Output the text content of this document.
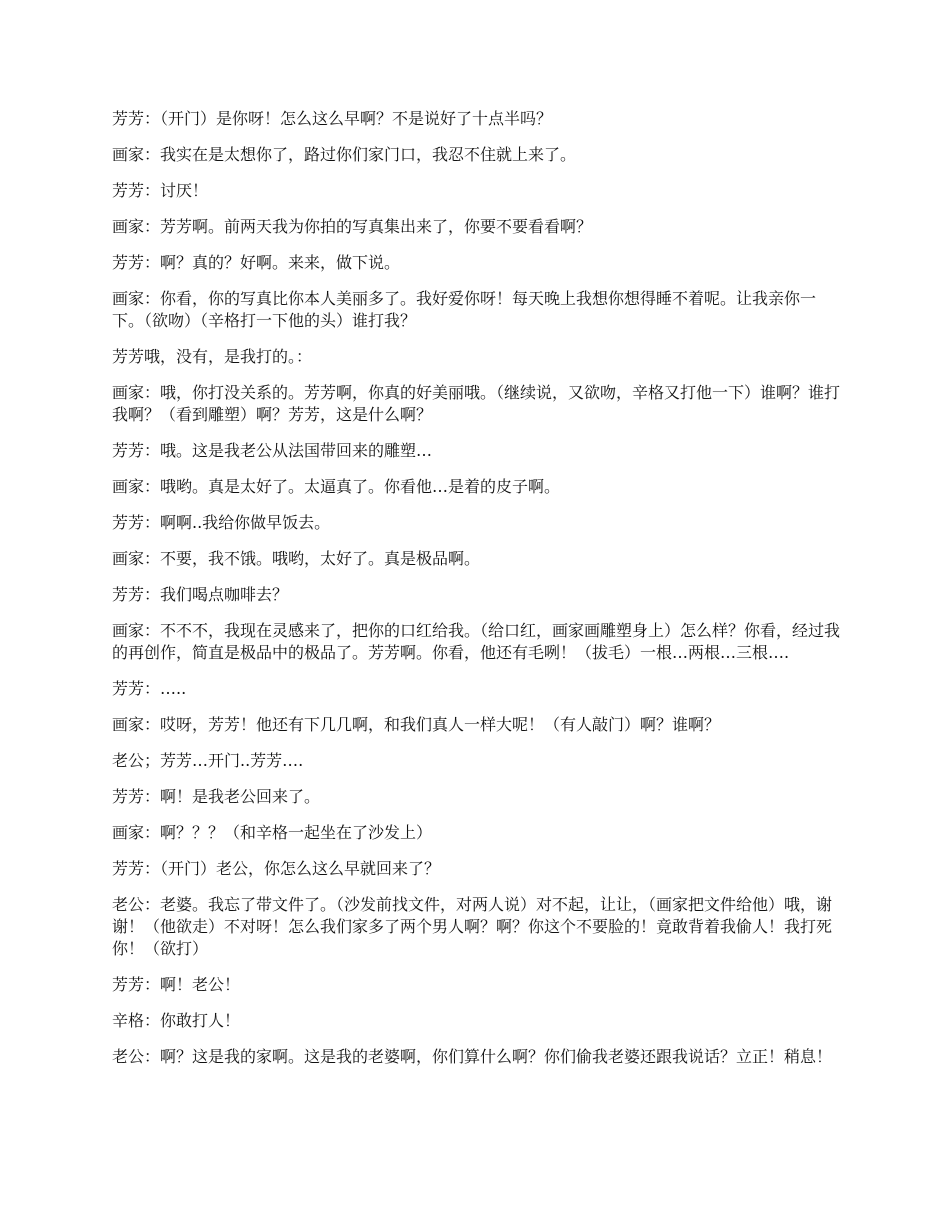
芳芳：（开门）是你呀！怎么这么早啊？不是说好了十点半吗？

画家：我实在是太想你了，路过你们家门口，我忍不住就上来了。

芳芳：讨厌！

画家：芳芳啊。前两天我为你拍的写真集出来了，你要不要看看啊？

芳芳：啊？真的？好啊。来来，做下说。

画家：你看，你的写真比你本人美丽多了。我好爱你呀！每天晚上我想你想得睡不着呢。让我亲你一下。（欲吻）（辛格打一下他的头）谁打我？

芳芳哦，没有，是我打的。：

画家：哦，你打没关系的。芳芳啊，你真的好美丽哦。（继续说，又欲吻，辛格又打他一下）谁啊？谁打我啊？（看到雕塑）啊？芳芳，这是什么啊？

芳芳：哦。这是我老公从法国带回来的雕塑…

画家：哦哟。真是太好了。太逼真了。你看他…是着的皮子啊。

芳芳：啊啊..我给你做早饭去。

画家：不要，我不饿。哦哟，太好了。真是极品啊。

芳芳：我们喝点咖啡去？

画家：不不不，我现在灵感来了，把你的口红给我。（给口红，画家画雕塑身上）怎么样？你看，经过我的再创作，简直是极品中的极品了。芳芳啊。你看，他还有毛咧！（拔毛）一根…两根…三根….

芳芳：…..

画家：哎呀，芳芳！他还有下几几啊，和我们真人一样大呢！（有人敲门）啊？谁啊？

老公；芳芳…开门..芳芳….

芳芳：啊！是我老公回来了。

画家：啊？？？（和辛格一起坐在了沙发上）

芳芳：（开门）老公，你怎么这么早就回来了？

老公：老婆。我忘了带文件了。（沙发前找文件，对两人说）对不起，让让，（画家把文件给他）哦，谢谢！（他欲走）不对呀！怎么我们家多了两个男人啊？啊？你这个不要脸的！竟敢背着我偷人！我打死你！（欲打）

芳芳：啊！老公！

辛格：你敢打人！

老公：啊？这是我的家啊。这是我的老婆啊，你们算什么啊？你们偷我老婆还跟我说话？立正！稍息！
